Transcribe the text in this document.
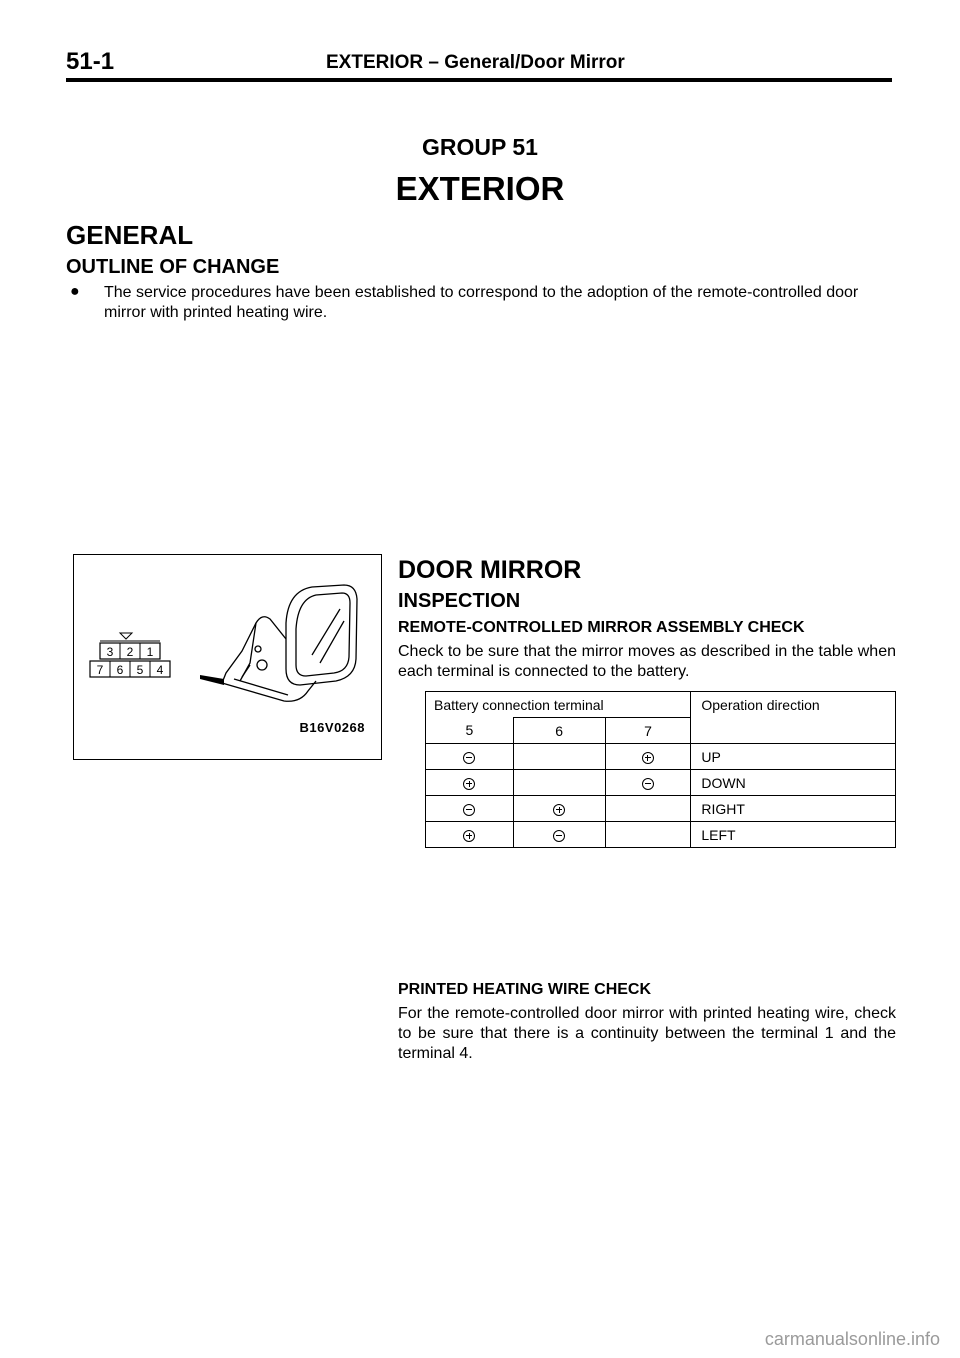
51-1	EXTERIOR – General/Door Mirror
GROUP 51
EXTERIOR
GENERAL
OUTLINE OF CHANGE
● The service procedures have been established to correspond to the adoption of the remote-controlled door mirror with printed heating wire.
3 2 1
7 6 5 4
B16V0268
DOOR MIRROR
INSPECTION
REMOTE-CONTROLLED MIRROR ASSEMBLY CHECK
Check to be sure that the mirror moves as described in the table when each terminal is connected to the battery.
Battery connection terminal			Operation direction
5	6	7	
			UP
			DOWN
			RIGHT
			LEFT
PRINTED HEATING WIRE CHECK
For the remote-controlled door mirror with printed heating wire, check to be sure that there is a continuity between the terminal 1 and the terminal 4.
carmanualsonline.info
